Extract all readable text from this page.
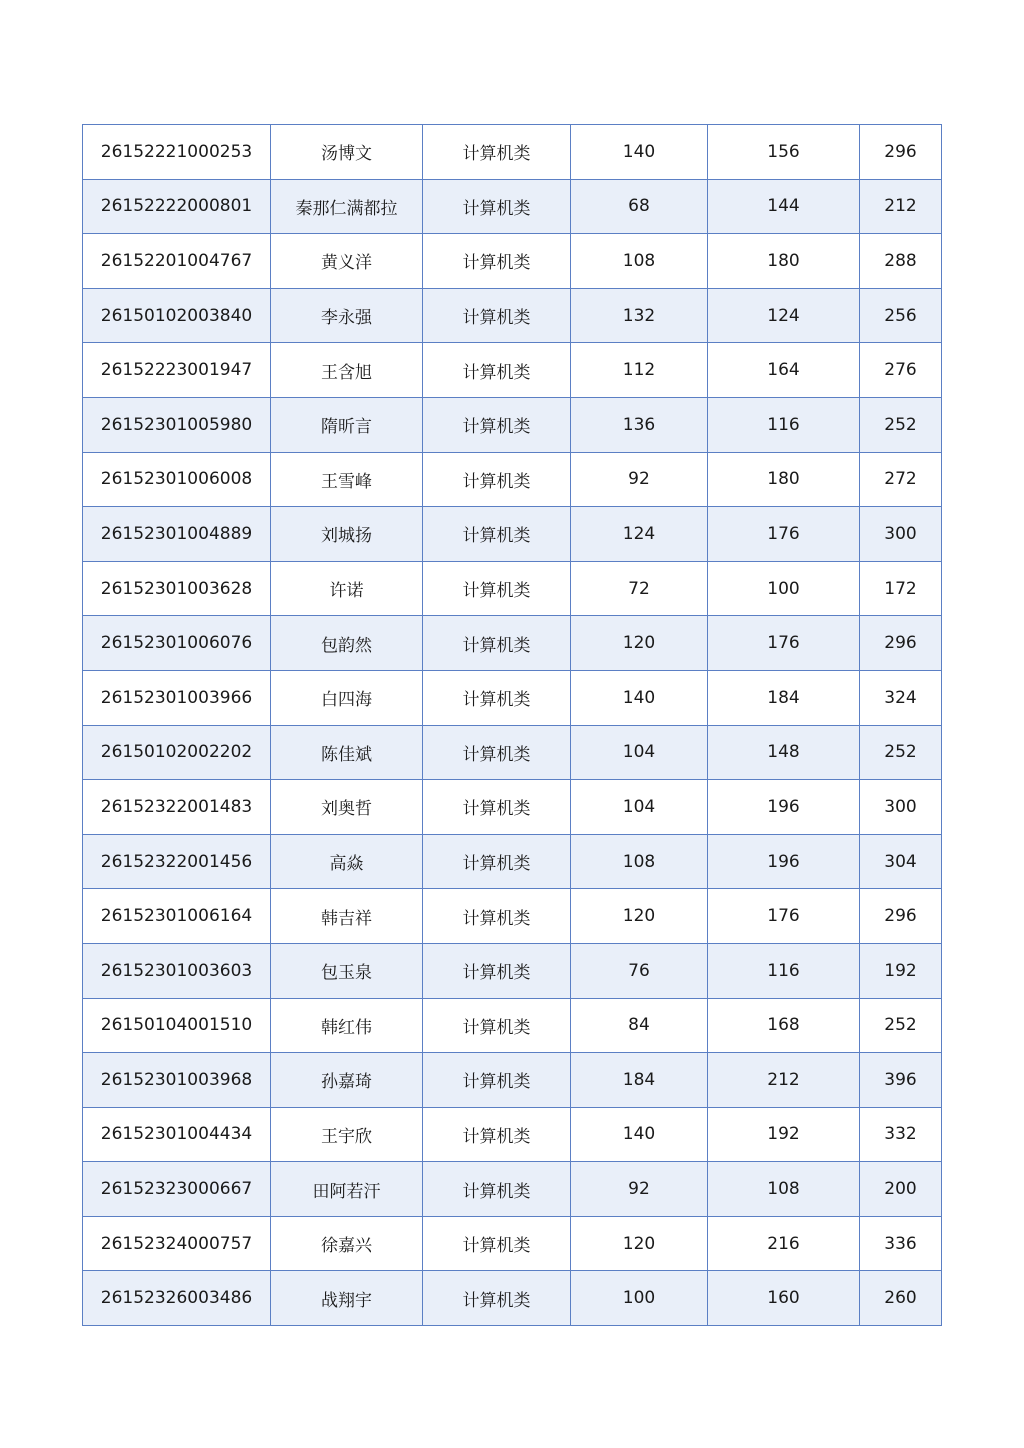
26152221000253	汤博文	计算机类	140	156	296
26152222000801	秦那仁满都拉	计算机类	68	144	212
26152201004767	黄义洋	计算机类	108	180	288
26150102003840	李永强	计算机类	132	124	256
26152223001947	王含旭	计算机类	112	164	276
26152301005980	隋昕言	计算机类	136	116	252
26152301006008	王雪峰	计算机类	92	180	272
26152301004889	刘城扬	计算机类	124	176	300
26152301003628	许诺	计算机类	72	100	172
26152301006076	包韵然	计算机类	120	176	296
26152301003966	白四海	计算机类	140	184	324
26150102002202	陈佳斌	计算机类	104	148	252
26152322001483	刘奥哲	计算机类	104	196	300
26152322001456	高焱	计算机类	108	196	304
26152301006164	韩吉祥	计算机类	120	176	296
26152301003603	包玉泉	计算机类	76	116	192
26150104001510	韩红伟	计算机类	84	168	252
26152301003968	孙嘉琦	计算机类	184	212	396
26152301004434	王宇欣	计算机类	140	192	332
26152323000667	田阿若汗	计算机类	92	108	200
26152324000757	徐嘉兴	计算机类	120	216	336
26152326003486	战翔宇	计算机类	100	160	260
